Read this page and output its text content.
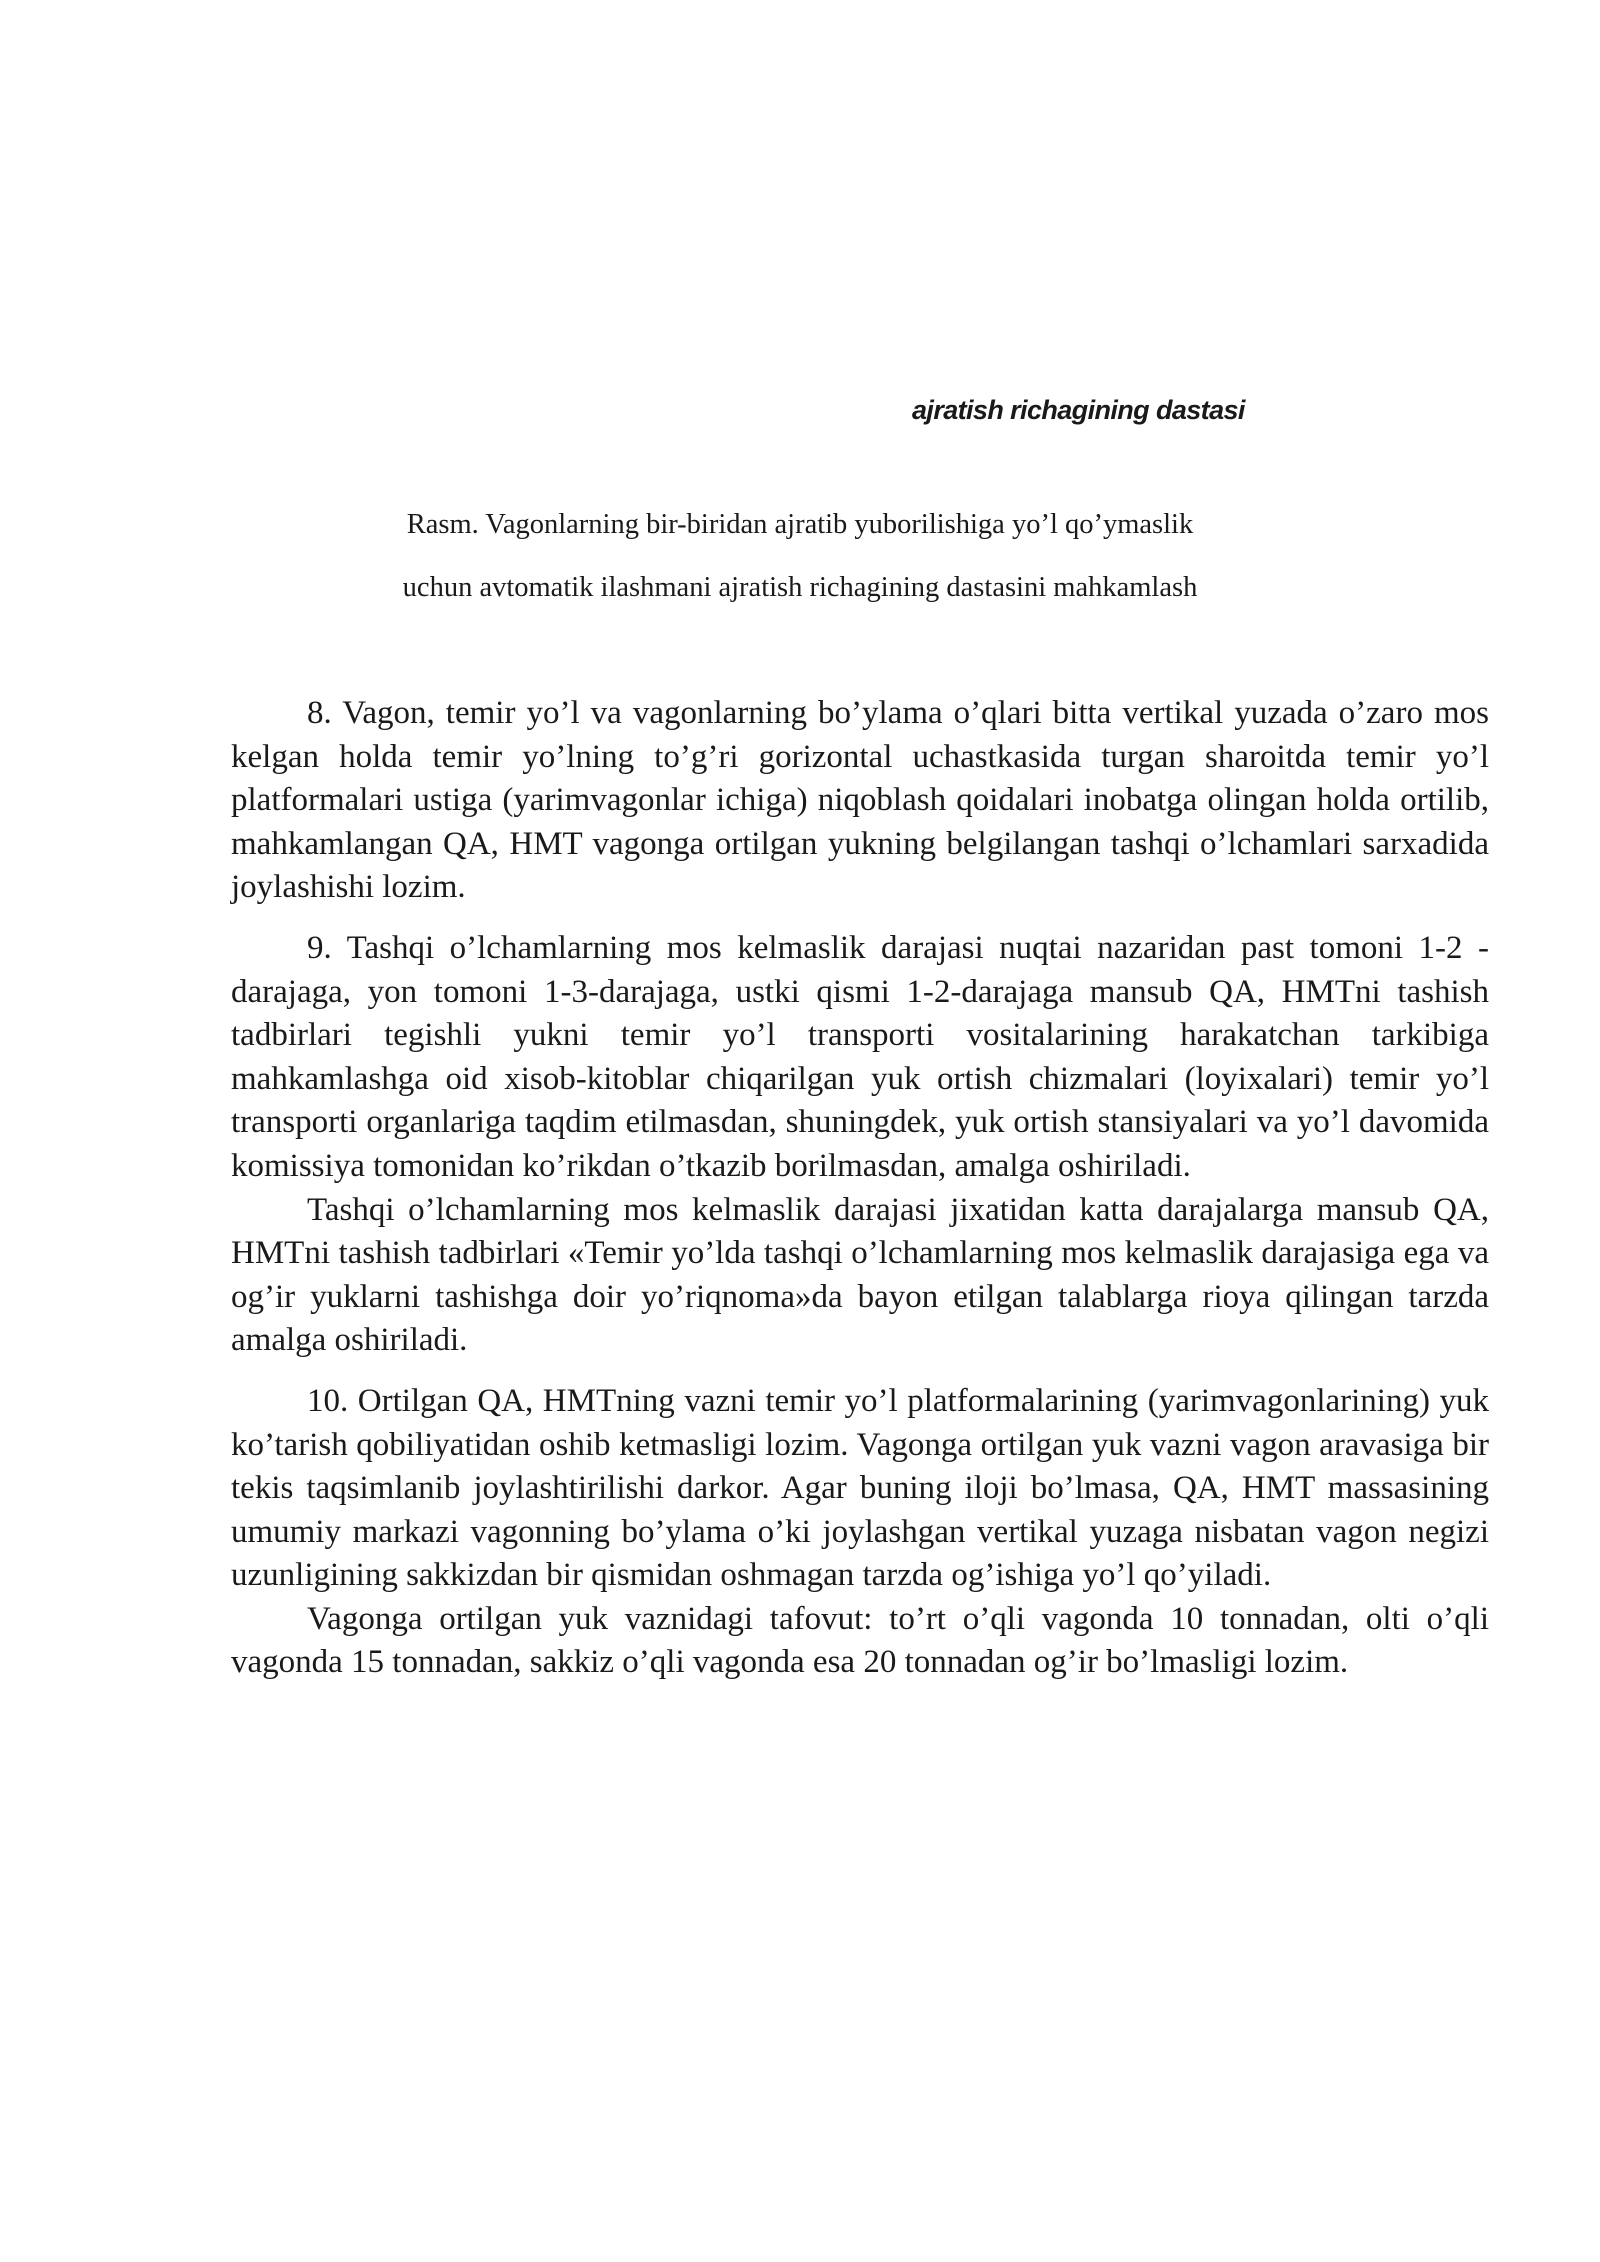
ajratish richagining dastasi
Rasm. Vagonlarning bir-biridan ajratib yuborilishiga yo’l qo’ymaslik
uchun avtomatik ilashmani ajratish richagining dastasini mahkamlash

8. Vagon, temir yo’l va vagonlarning bo’ylama o’qlari bitta vertikal yuzada o’zaro mos kelgan holda temir yo’lning to’g’ri gorizontal uchastkasida turgan sharoitda temir yo’l platformalari ustiga (yarimvagonlar ichiga) niqoblash qoidalari inobatga olingan holda ortilib, mahkamlangan QA, HMT vagonga ortilgan yukning belgilangan tashqi o’lchamlari sarxadida joylashishi lozim.

9. Tashqi o’lchamlarning mos kelmaslik darajasi nuqtai nazaridan past tomoni 1-2 - darajaga, yon tomoni 1-3-darajaga, ustki qismi 1-2-darajaga mansub QA, HMTni tashish tadbirlari tegishli yukni temir yo’l transporti vositalarining harakatchan tarkibiga mahkamlashga oid xisob-kitoblar chiqarilgan yuk ortish chizmalari (loyixalari) temir yo’l transporti organlariga taqdim etilmasdan, shuningdek, yuk ortish stansiyalari va yo’l davomida komissiya tomonidan ko’rikdan o’tkazib borilmasdan, amalga oshiriladi.

Tashqi o’lchamlarning mos kelmaslik darajasi jixatidan katta darajalarga mansub QA, HMTni tashish tadbirlari «Temir yo’lda tashqi o’lchamlarning mos kelmaslik darajasiga ega va og’ir yuklarni tashishga doir yo’riqnoma»da bayon etilgan talablarga rioya qilingan tarzda amalga oshiriladi.

10. Ortilgan QA, HMTning vazni temir yo’l platformalarining (yarimvagonlarining) yuk ko’tarish qobiliyatidan oshib ketmasligi lozim. Vagonga ortilgan yuk vazni vagon aravasiga bir tekis taqsimlanib joylashtirilishi darkor. Agar buning iloji bo’lmasa, QA, HMT massasining umumiy markazi vagonning bo’ylama o’ki joylashgan vertikal yuzaga nisbatan vagon negizi uzunligining sakkizdan bir qismidan oshmagan tarzda og’ishiga yo’l qo’yiladi.

Vagonga ortilgan yuk vaznidagi tafovut: to’rt o’qli vagonda 10 tonnadan, olti o’qli vagonda 15 tonnadan, sakkiz o’qli vagonda esa 20 tonnadan og’ir bo’lmasligi lozim.
